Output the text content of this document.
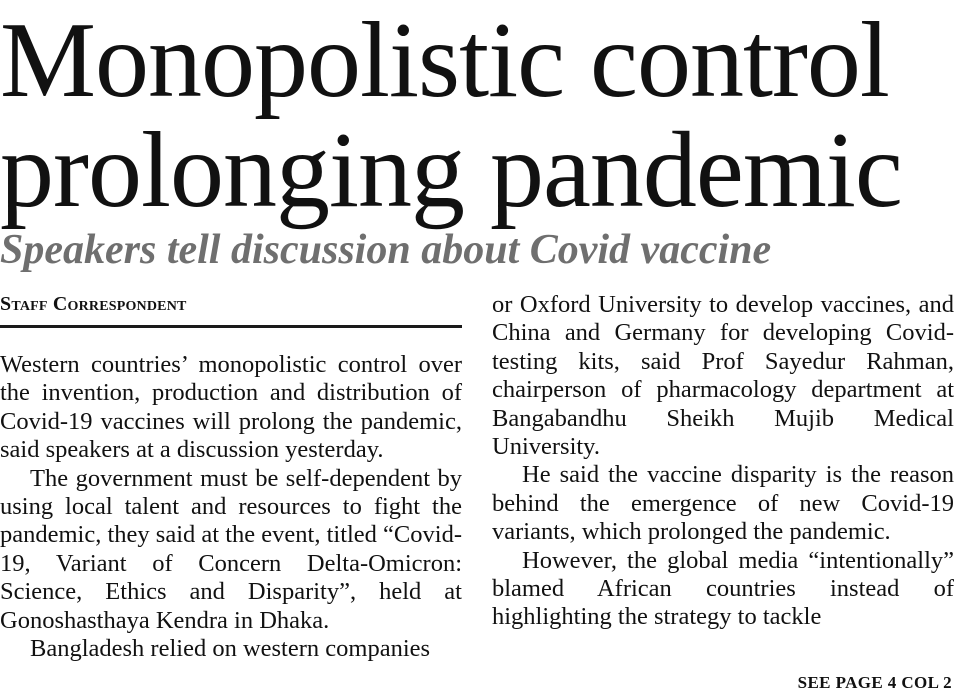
Monopolistic control
prolonging pandemic
Speakers tell discussion about Covid vaccine
Staff Correspondent

Western countries’ monopolistic control over the invention, production and distribution of Covid-19 vaccines will prolong the pandemic, said speakers at a discussion yesterday.

The government must be self-dependent by using local talent and resources to fight the pandemic, they said at the event, titled “Covid-19, Variant of Concern Delta-Omicron: Science, Ethics and Disparity”, held at Gonoshasthaya Kendra in Dhaka.

Bangladesh relied on western companies

or Oxford University to develop vaccines, and China and Germany for developing Covid-testing kits, said Prof Sayedur Rahman, chairperson of pharmacology department at Bangabandhu Sheikh Mujib Medical University.

He said the vaccine disparity is the reason behind the emergence of new Covid-19 variants, which prolonged the pandemic.

However, the global media “intentionally” blamed African countries instead of highlighting the strategy to tackle

SEE PAGE 4 COL 2
